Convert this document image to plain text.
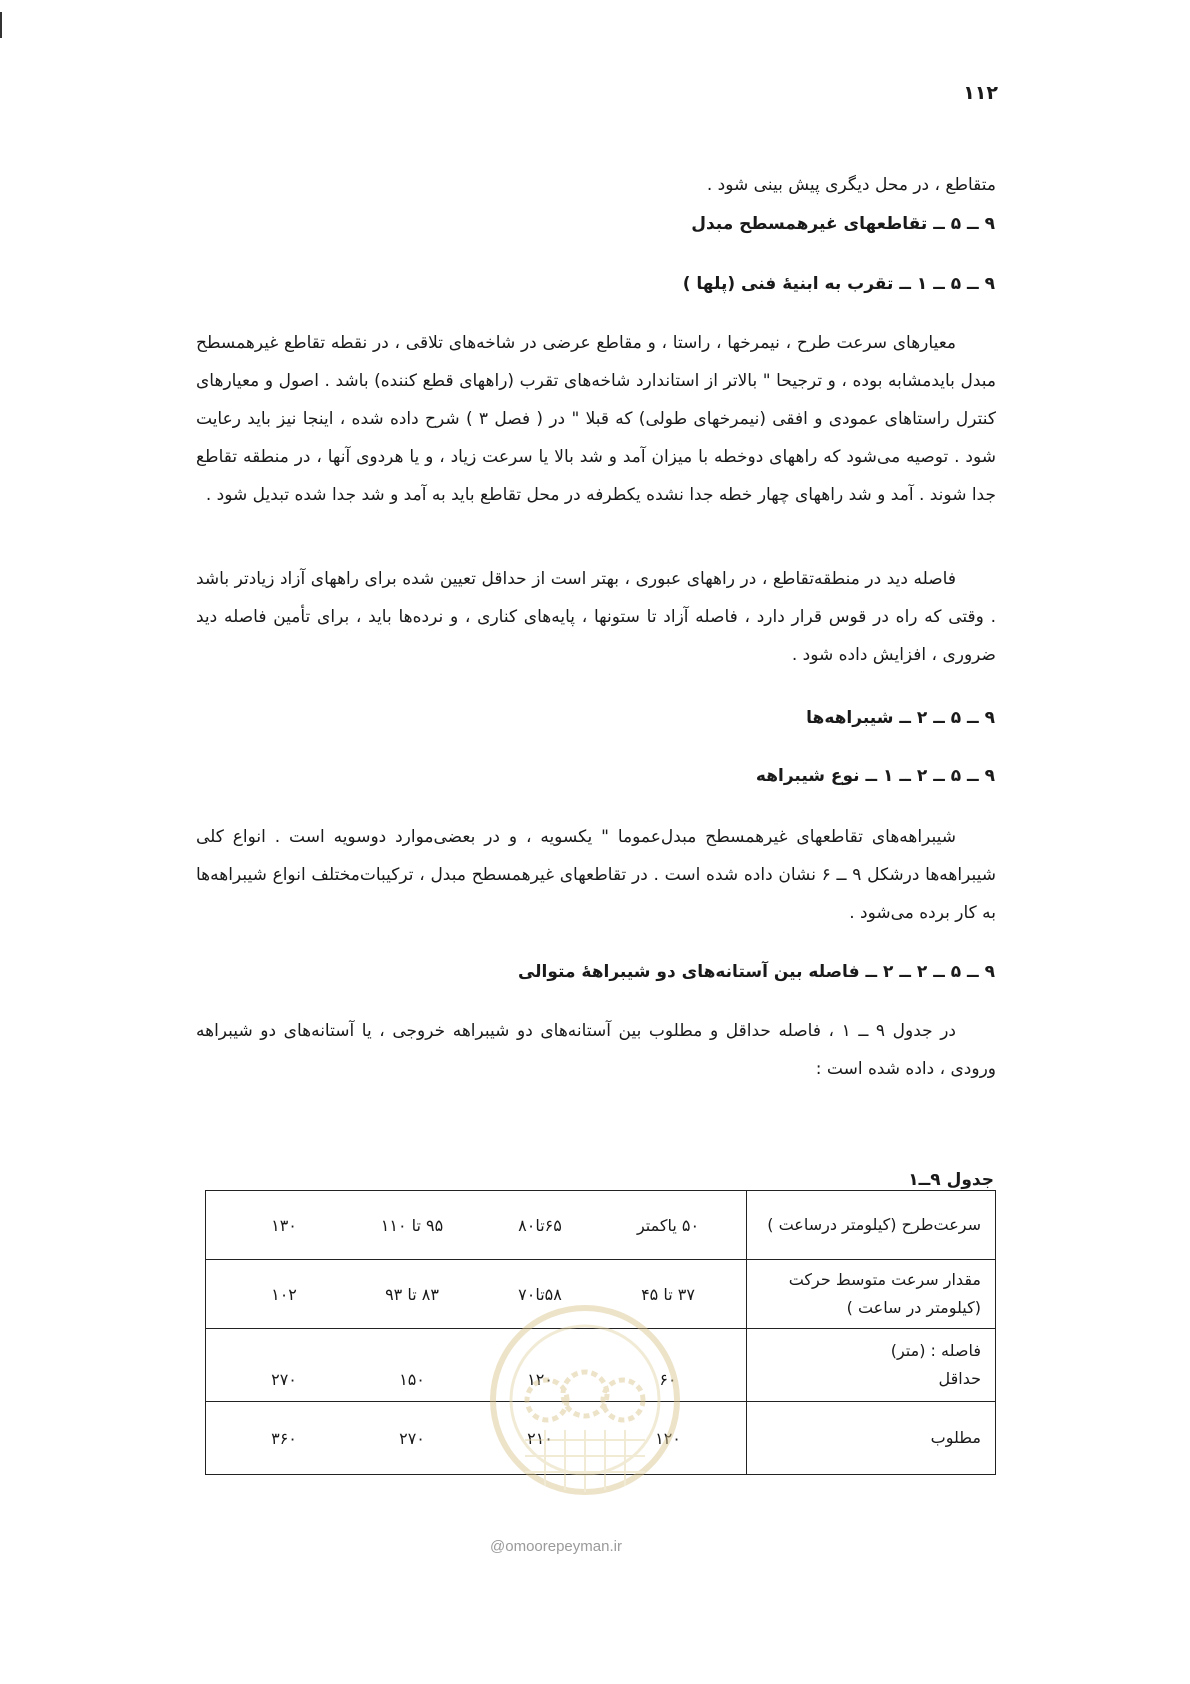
۱۱۲
متقاطع ، در محل دیگری پیش بینی شود .
۹ ــ ۵ ــ تقاطعهای غیرهمسطح مبدل
۹ ــ ۵ ــ ۱ ــ تقرب به ابنیهٔ فنی (پلها )
معیارهای سرعت طرح ، نیمرخها ، راستا ، و مقاطع عرضی در شاخه‌های تلاقی ، در نقطه تقاطع غیرهمسطح مبدل بایدمشابه بوده ، و ترجیحا " بالاتر از استاندارد شاخه‌های تقرب (راههای قطع کننده) باشد . اصول و معیارهای کنترل راستاهای عمودی و افقی (نیمرخهای طولی) که قبلا " در ( فصل ۳ ) شرح داده شده ، اینجا نیز باید رعایت شود . توصیه می‌شود که راههای دوخطه با میزان آمد و شد بالا یا سرعت زیاد ، و یا هردوی آنها ، در منطقه تقاطع جدا شوند . آمد و شد راههای چهار خطه جدا نشده یکطرفه در محل تقاطع باید به آمد و شد جدا شده تبدیل شود .
فاصله دید در منطقه‌تقاطع ، در راههای عبوری ، بهتر است از حداقل تعیین شده برای راههای آزاد زیادتر باشد . وقتی که راه در قوس قرار دارد ، فاصله آزاد تا ستونها ، پایه‌های کناری ، و نرده‌ها باید ، برای تأمین فاصله دید ضروری ، افزایش داده شود .
۹ ــ ۵ ــ ۲ ــ شیبراهه‌ها
۹ ــ ۵ ــ ۲ ــ ۱ ــ نوع شیبراهه
شیبراهه‌های تقاطعهای غیرهمسطح مبدل‌عموما " یکسویه ، و در بعضی‌موارد دوسویه است . انواع کلی شیبراهه‌ها درشکل ۹ ــ ۶ نشان داده شده است . در تقاطعهای غیرهمسطح مبدل ، ترکیبات‌مختلف انواع شیبراهه‌ها به کار برده می‌شود .
۹ ــ ۵ ــ ۲ ــ ۲ ــ فاصله بین آستانه‌های دو شیبراههٔ متوالی
در جدول ۹ ــ ۱ ، فاصله حداقل و مطلوب بین آستانه‌های دو شیبراهه خروجی ، یا آستانه‌های دو شیبراهه ورودی ، داده شده است :
جدول ۹ــ۱
سرعت‌طرح (کیلومتر درساعت )	۵۰ یاکمتر
۶۵تا۸۰
۹۵ تا ۱۱۰
۱۳۰

مقدار سرعت متوسط حرکت (کیلومتر در ساعت )	۳۷ تا ۴۵
۵۸تا۷۰
۸۳ تا ۹۳
۱۰۲

فاصله : (متر)
حداقل	۶۰
۱۲۰
۱۵۰
۲۷۰

مطلوب	۱۲۰
۲۱۰
۲۷۰
۳۶۰
@omoorepeyman.ir
